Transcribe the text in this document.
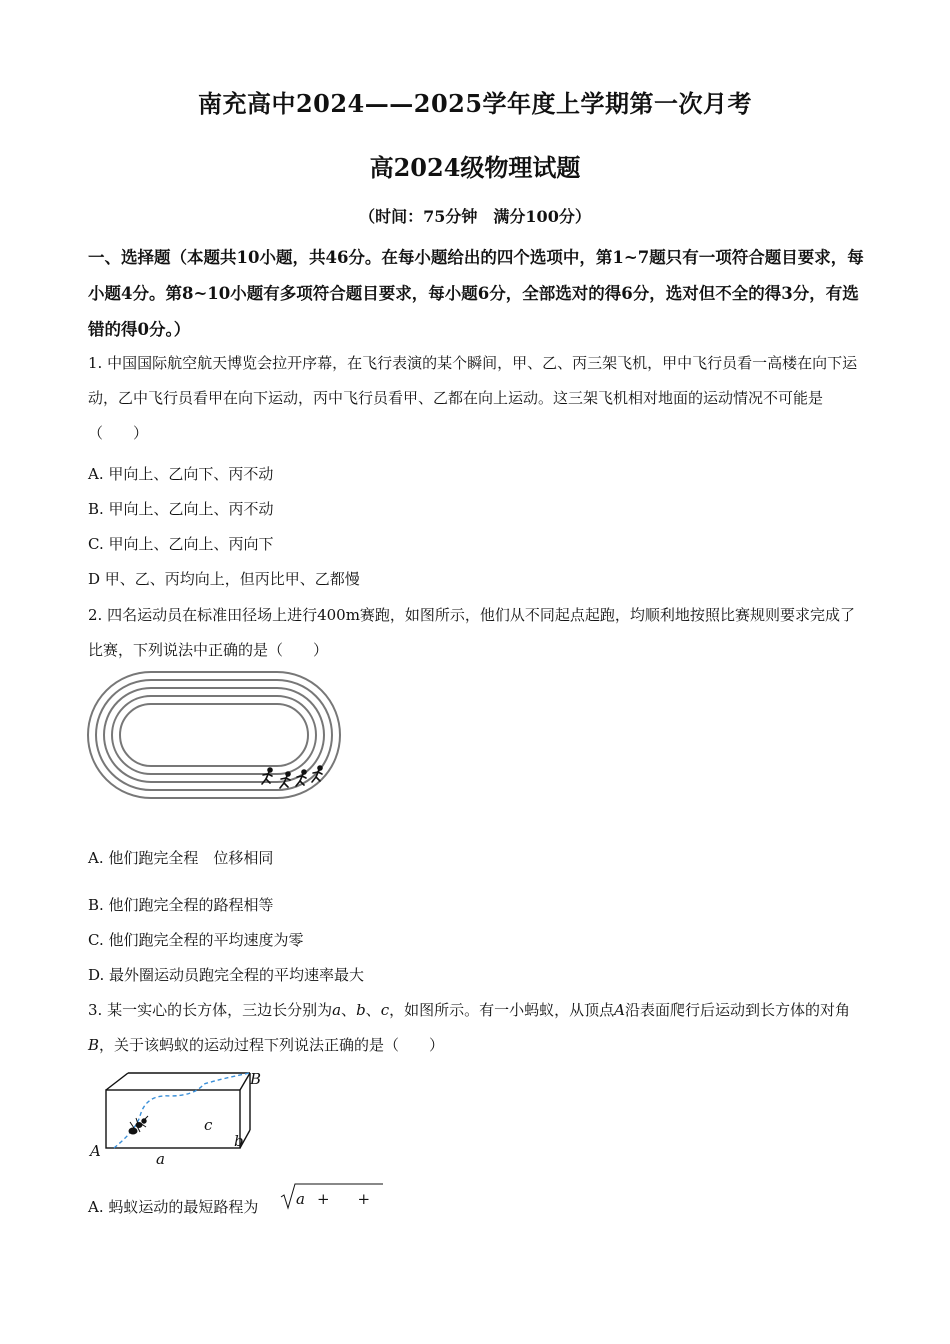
南充高中2024——2025学年度上学期第一次月考
高2024级物理试题
（时间：75分钟　满分100分）
一、选择题（本题共10小题，共46分。在每小题给出的四个选项中，第1~7题只有一项符合题目要求，每小题4分。第8~10小题有多项符合题目要求，每小题6分，全部选对的得6分，选对但不全的得3分，有选错的得0分。）
1. 中国国际航空航天博览会拉开序幕，在飞行表演的某个瞬间，甲、乙、丙三架飞机，甲中飞行员看一高楼在向下运动，乙中飞行员看甲在向下运动，丙中飞行员看甲、乙都在向上运动。这三架飞机相对地面的运动情况不可能是（　　）
A. 甲向上、乙向下、丙不动
B. 甲向上、乙向上、丙不动
C. 甲向上、乙向上、丙向下
D 甲、乙、丙均向上，但丙比甲、乙都慢
2. 四名运动员在标准田径场上进行400m赛跑，如图所示，他们从不同起点起跑，均顺利地按照比赛规则要求完成了比赛，下列说法中正确的是（　　）
A. 他们跑完全程　位移相同
B. 他们跑完全程的路程相等
C. 他们跑完全程的平均速度为零
D. 最外圈运动员跑完全程的平均速率最大
3. 某一实心的长方体，三边长分别为a、b、c，如图所示。有一小蚂蚁，从顶点A沿表面爬行后运动到长方体的对角B，关于该蚂蚁的运动过程下列说法正确的是（　　）
A
B
a
b
c
A. 蚂蚁运动的最短路程为	a + +
